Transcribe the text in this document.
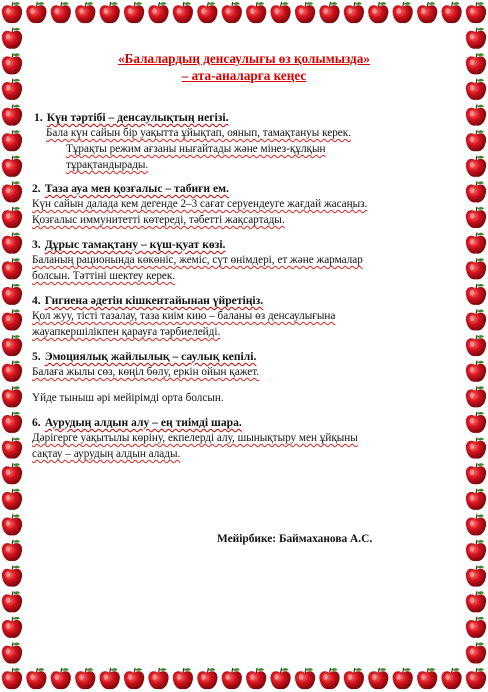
«Балалардың денсаулығы өз қолымызда»
– ата-аналарға кеңес

1. Күн тәртібі – денсаулықтың негізі.

Бала күн сайын бір уақытта ұйықтап, оянып, тамақтануы керек.

Тұрақты режим ағзаны нығайтады және мінез-құлқын

тұрақтандырады.

2. Таза ауа мен қозғалыс – табиғи ем.

Күн сайын далада кем дегенде 2–3 сағат серуендеуге жағдай жасаңыз.

Қозғалыс иммунитетті көтереді, тәбетті жақсартады.

3. Дұрыс тамақтану – күш-қуат көзі.

Баланың рационында көкөніс, жеміс, сүт өнімдері, ет және жармалар

болсын. Тәттіні шектеу керек.

4. Гигиена әдетін кішкентайынан үйретіңіз.

Қол жуу, тісті тазалау, таза киім кию – баланы өз денсаулығына

жауапкершілікпен қарауға тәрбиелейді.

5. Эмоциялық жайлылық – саулық кепілі.

Балаға жылы сөз, көңіл бөлу, еркін ойын қажет.

Үйде тыныш әрі мейірімді орта болсын.

6. Аурудың алдын алу – ең тиімді шара.

Дәрігерге уақытылы көріну, екпелерді алу, шынықтыру мен ұйқыны

сақтау – аурудың алдын алады.

Мейірбике: Баймаханова А.С.
